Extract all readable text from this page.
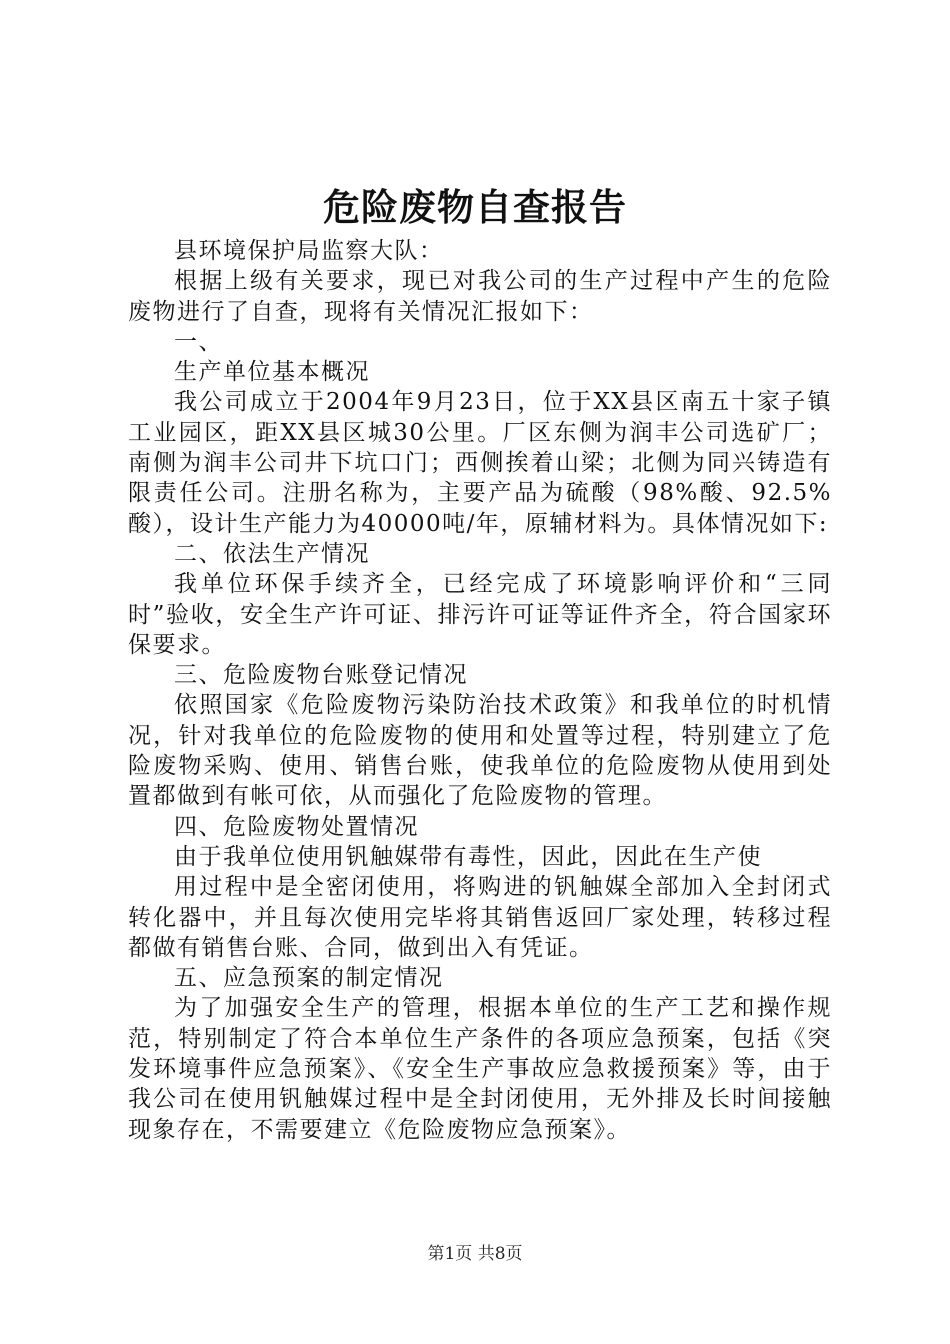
危险废物自查报告

县环境保护局监察大队：

根据上级有关要求，现已对我公司的生产过程中产生的危险废物进行了自查，现将有关情况汇报如下：

一、

生产单位基本概况

我公司成立于2004年9月23日，位于XX县区南五十家子镇工业园区，距XX县区城30公里。厂区东侧为润丰公司选矿厂；南侧为润丰公司井下坑口门；西侧挨着山梁；北侧为同兴铸造有限责任公司。注册名称为，主要产品为硫酸（98%酸、92.5%酸），设计生产能力为40000吨/年，原辅材料为。具体情况如下:

二、依法生产情况

我单位环保手续齐全，已经完成了环境影响评价和“三同时”验收，安全生产许可证、排污许可证等证件齐全，符合国家环保要求。

三、危险废物台账登记情况

依照国家《危险废物污染防治技术政策》和我单位的时机情况，针对我单位的危险废物的使用和处置等过程，特别建立了危险废物采购、使用、销售台账，使我单位的危险废物从使用到处置都做到有帐可依，从而强化了危险废物的管理。

四、危险废物处置情况

由于我单位使用钒触媒带有毒性，因此，因此在生产使

用过程中是全密闭使用，将购进的钒触媒全部加入全封闭式转化器中，并且每次使用完毕将其销售返回厂家处理，转移过程都做有销售台账、合同，做到出入有凭证。

五、应急预案的制定情况

为了加强安全生产的管理，根据本单位的生产工艺和操作规范，特别制定了符合本单位生产条件的各项应急预案，包括《突发环境事件应急预案》、《安全生产事故应急救援预案》等，由于我公司在使用钒触媒过程中是全封闭使用，无外排及长时间接触现象存在，不需要建立《危险废物应急预案》。

第1页 共8页
